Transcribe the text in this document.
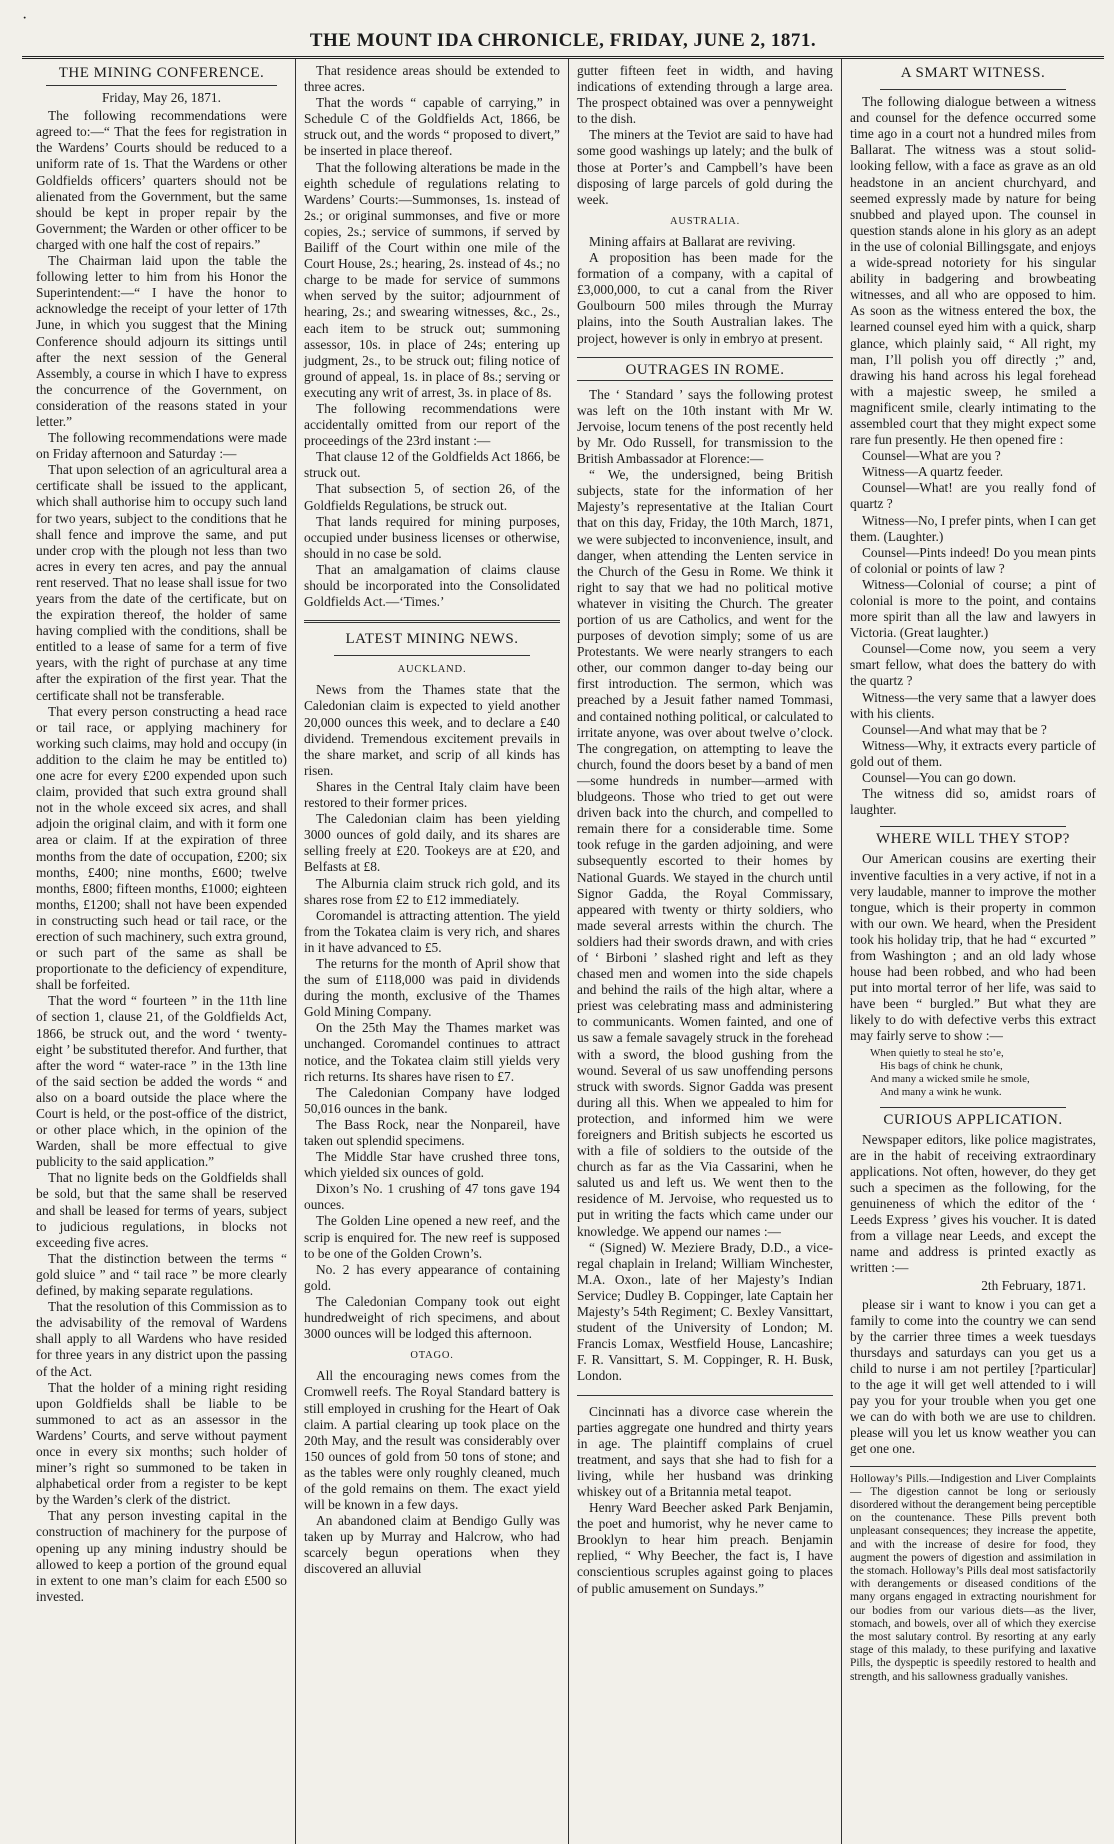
·
THE MOUNT IDA CHRONICLE, FRIDAY, JUNE 2, 1871.
THE MINING CONFERENCE.
Friday, May 26, 1871.

The following recommendations were agreed to:—“ That the fees for registration in the Wardens’ Courts should be reduced to a uniform rate of 1s. That the Wardens or other Goldfields officers’ quarters should not be alienated from the Government, but the same should be kept in proper repair by the Government; the Warden or other officer to be charged with one half the cost of repairs.”

The Chairman laid upon the table the following letter to him from his Honor the Superintendent:—“ I have the honor to acknowledge the receipt of your letter of 17th June, in which you suggest that the Mining Conference should adjourn its sittings until after the next session of the General Assembly, a course in which I have to express the concurrence of the Government, on consideration of the reasons stated in your letter.”

The following recommendations were made on Friday afternoon and Saturday :—

That upon selection of an agricultural area a certificate shall be issued to the applicant, which shall authorise him to occupy such land for two years, subject to the conditions that he shall fence and improve the same, and put under crop with the plough not less than two acres in every ten acres, and pay the annual rent reserved. That no lease shall issue for two years from the date of the certificate, but on the expiration thereof, the holder of same having complied with the conditions, shall be entitled to a lease of same for a term of five years, with the right of purchase at any time after the expiration of the first year. That the certificate shall not be transferable.

That every person constructing a head race or tail race, or applying machinery for working such claims, may hold and occupy (in addition to the claim he may be entitled to) one acre for every £200 expended upon such claim, provided that such extra ground shall not in the whole exceed six acres, and shall adjoin the original claim, and with it form one area or claim. If at the expiration of three months from the date of occupation, £200; six months, £400; nine months, £600; twelve months, £800; fifteen months, £1000; eighteen months, £1200; shall not have been expended in constructing such head or tail race, or the erection of such machinery, such extra ground, or such part of the same as shall be proportionate to the deficiency of expenditure, shall be forfeited.

That the word “ fourteen ” in the 11th line of section 1, clause 21, of the Goldfields Act, 1866, be struck out, and the word ‘ twenty-eight ’ be substituted therefor. And further, that after the word “ water-race ” in the 13th line of the said section be added the words “ and also on a board outside the place where the Court is held, or the post-office of the district, or other place which, in the opinion of the Warden, shall be more effectual to give publicity to the said application.”

That no lignite beds on the Goldfields shall be sold, but that the same shall be reserved and shall be leased for terms of years, subject to judicious regulations, in blocks not exceeding five acres.

That the distinction between the terms “ gold sluice ” and “ tail race ” be more clearly defined, by making separate regulations.

That the resolution of this Commission as to the advisability of the removal of Wardens shall apply to all Wardens who have resided for three years in any district upon the passing of the Act.

That the holder of a mining right residing upon Goldfields shall be liable to be summoned to act as an assessor in the Wardens’ Courts, and serve without payment once in every six months; such holder of miner’s right so summoned to be taken in alphabetical order from a register to be kept by the Warden’s clerk of the district.

That any person investing capital in the construction of machinery for the purpose of opening up any mining industry should be allowed to keep a portion of the ground equal in extent to one man’s claim for each £500 so invested.

That residence areas should be extended to three acres.

That the words “ capable of carrying,” in Schedule C of the Goldfields Act, 1866, be struck out, and the words “ proposed to divert,” be inserted in place thereof.

That the following alterations be made in the eighth schedule of regulations relating to Wardens’ Courts:—Summonses, 1s. instead of 2s.; or original summonses, and five or more copies, 2s.; service of summons, if served by Bailiff of the Court within one mile of the Court House, 2s.; hearing, 2s. instead of 4s.; no charge to be made for service of summons when served by the suitor; adjournment of hearing, 2s.; and swearing witnesses, &c., 2s., each item to be struck out; summoning assessor, 10s. in place of 24s; entering up judgment, 2s., to be struck out; filing notice of ground of appeal, 1s. in place of 8s.; serving or executing any writ of arrest, 3s. in place of 8s.

The following recommendations were accidentally omitted from our report of the proceedings of the 23rd instant :—

That clause 12 of the Goldfields Act 1866, be struck out.

That subsection 5, of section 26, of the Goldfields Regulations, be struck out.

That lands required for mining purposes, occupied under business licenses or otherwise, should in no case be sold.

That an amalgamation of claims clause should be incorporated into the Consolidated Goldfields Act.—‘Times.’

LATEST MINING NEWS.
AUCKLAND.

News from the Thames state that the Caledonian claim is expected to yield another 20,000 ounces this week, and to declare a £40 dividend. Tremendous excitement prevails in the share market, and scrip of all kinds has risen.

Shares in the Central Italy claim have been restored to their former prices.

The Caledonian claim has been yielding 3000 ounces of gold daily, and its shares are selling freely at £20. Tookeys are at £20, and Belfasts at £8.

The Alburnia claim struck rich gold, and its shares rose from £2 to £12 immediately.

Coromandel is attracting attention. The yield from the Tokatea claim is very rich, and shares in it have advanced to £5.

The returns for the month of April show that the sum of £118,000 was paid in dividends during the month, exclusive of the Thames Gold Mining Company.

On the 25th May the Thames market was unchanged. Coromandel continues to attract notice, and the Tokatea claim still yields very rich returns. Its shares have risen to £7.

The Caledonian Company have lodged 50,016 ounces in the bank.

The Bass Rock, near the Nonpareil, have taken out splendid specimens.

The Middle Star have crushed three tons, which yielded six ounces of gold.

Dixon’s No. 1 crushing of 47 tons gave 194 ounces.

The Golden Line opened a new reef, and the scrip is enquired for. The new reef is supposed to be one of the Golden Crown’s.

No. 2 has every appearance of containing gold.

The Caledonian Company took out eight hundredweight of rich specimens, and about 3000 ounces will be lodged this afternoon.

OTAGO.

All the encouraging news comes from the Cromwell reefs. The Royal Standard battery is still employed in crushing for the Heart of Oak claim. A partial clearing up took place on the 20th May, and the result was considerably over 150 ounces of gold from 50 tons of stone; and as the tables were only roughly cleaned, much of the gold remains on them. The exact yield will be known in a few days.

An abandoned claim at Bendigo Gully was taken up by Murray and Halcrow, who had scarcely begun operations when they discovered an alluvial

gutter fifteen feet in width, and having indications of extending through a large area. The prospect obtained was over a pennyweight to the dish.

The miners at the Teviot are said to have had some good washings up lately; and the bulk of those at Porter’s and Campbell’s have been disposing of large parcels of gold during the week.

AUSTRALIA.

Mining affairs at Ballarat are reviving.

A proposition has been made for the formation of a company, with a capital of £3,000,000, to cut a canal from the River Goulbourn 500 miles through the Murray plains, into the South Australian lakes. The project, however is only in embryo at present.

OUTRAGES IN ROME.

The ‘ Standard ’ says the following protest was left on the 10th instant with Mr W. Jervoise, locum tenens of the post recently held by Mr. Odo Russell, for transmission to the British Ambassador at Florence:—

“ We, the undersigned, being British subjects, state for the information of her Majesty’s representative at the Italian Court that on this day, Friday, the 10th March, 1871, we were subjected to inconvenience, insult, and danger, when attending the Lenten service in the Church of the Gesu in Rome. We think it right to say that we had no political motive whatever in visiting the Church. The greater portion of us are Catholics, and went for the purposes of devotion simply; some of us are Protestants. We were nearly strangers to each other, our common danger to-day being our first introduction. The sermon, which was preached by a Jesuit father named Tommasi, and contained nothing political, or calculated to irritate anyone, was over about twelve o’clock. The congregation, on attempting to leave the church, found the doors beset by a band of men—some hundreds in number—armed with bludgeons. Those who tried to get out were driven back into the church, and compelled to remain there for a considerable time. Some took refuge in the garden adjoining, and were subsequently escorted to their homes by National Guards. We stayed in the church until Signor Gadda, the Royal Commissary, appeared with twenty or thirty soldiers, who made several arrests within the church. The soldiers had their swords drawn, and with cries of ‘ Birboni ’ slashed right and left as they chased men and women into the side chapels and behind the rails of the high altar, where a priest was celebrating mass and administering to communicants. Women fainted, and one of us saw a female savagely struck in the forehead with a sword, the blood gushing from the wound. Several of us saw unoffending persons struck with swords. Signor Gadda was present during all this. When we appealed to him for protection, and informed him we were foreigners and British subjects he escorted us with a file of soldiers to the outside of the church as far as the Via Cassarini, when he saluted us and left us. We went then to the residence of M. Jervoise, who requested us to put in writing the facts which came under our knowledge. We append our names :—

“ (Signed) W. Meziere Brady, D.D., a vice-regal chaplain in Ireland; William Winchester, M.A. Oxon., late of her Majesty’s Indian Service; Dudley B. Coppinger, late Captain her Majesty’s 54th Regiment; C. Bexley Vansittart, student of the University of London; M. Francis Lomax, Westfield House, Lancashire; F. R. Vansittart, S. M. Coppinger, R. H. Busk, London.

Cincinnati has a divorce case wherein the parties aggregate one hundred and thirty years in age. The plaintiff complains of cruel treatment, and says that she had to fish for a living, while her husband was drinking whiskey out of a Britannia metal teapot.

Henry Ward Beecher asked Park Benjamin, the poet and humorist, why he never came to Brooklyn to hear him preach. Benjamin replied, “ Why Beecher, the fact is, I have conscientious scruples against going to places of public amusement on Sundays.”

A SMART WITNESS.

The following dialogue between a witness and counsel for the defence occurred some time ago in a court not a hundred miles from Ballarat. The witness was a stout solid-looking fellow, with a face as grave as an old headstone in an ancient churchyard, and seemed expressly made by nature for being snubbed and played upon. The counsel in question stands alone in his glory as an adept in the use of colonial Billingsgate, and enjoys a wide-spread notoriety for his singular ability in badgering and browbeating witnesses, and all who are opposed to him. As soon as the witness entered the box, the learned counsel eyed him with a quick, sharp glance, which plainly said, “ All right, my man, I’ll polish you off directly ;” and, drawing his hand across his legal forehead with a majestic sweep, he smiled a magnificent smile, clearly intimating to the assembled court that they might expect some rare fun presently. He then opened fire :

Counsel—What are you ?

Witness—A quartz feeder.

Counsel—What! are you really fond of quartz ?

Witness—No, I prefer pints, when I can get them. (Laughter.)

Counsel—Pints indeed! Do you mean pints of colonial or points of law ?

Witness—Colonial of course; a pint of colonial is more to the point, and contains more spirit than all the law and lawyers in Victoria. (Great laughter.)

Counsel—Come now, you seem a very smart fellow, what does the battery do with the quartz ?

Witness—the very same that a lawyer does with his clients.

Counsel—And what may that be ?

Witness—Why, it extracts every particle of gold out of them.

Counsel—You can go down.

The witness did so, amidst roars of laughter.

WHERE WILL THEY STOP?

Our American cousins are exerting their inventive faculties in a very active, if not in a very laudable, manner to improve the mother tongue, which is their property in common with our own. We heard, when the President took his holiday trip, that he had “ excurted ” from Washington ; and an old lady whose house had been robbed, and who had been put into mortal terror of her life, was said to have been “ burgled.” But what they are likely to do with defective verbs this extract may fairly serve to show :—

When quietly to steal he sto’e,
His bags of chink he chunk,
And many a wicked smile he smole,
And many a wink he wunk.
CURIOUS APPLICATION.

Newspaper editors, like police magistrates, are in the habit of receiving extraordinary applications. Not often, however, do they get such a specimen as the following, for the genuineness of which the editor of the ‘ Leeds Express ’ gives his voucher. It is dated from a village near Leeds, and except the name and address is printed exactly as written :—

2th February, 1871.

please sir i want to know i you can get a family to come into the country we can send by the carrier three times a week tuesdays thursdays and saturdays can you get us a child to nurse i am not pertiley [?particular] to the age it will get well attended to i will pay you for your trouble when you get one we can do with both we are use to children. please will you let us know weather you can get one one.

Holloway’s Pills.—Indigestion and Liver Complaints — The digestion cannot be long or seriously disordered without the derangement being perceptible on the countenance. These Pills prevent both unpleasant consequences; they increase the appetite, and with the increase of desire for food, they augment the powers of digestion and assimilation in the stomach. Holloway’s Pills deal most satisfactorily with derangements or diseased conditions of the many organs engaged in extracting nourishment for our bodies from our various diets—as the liver, stomach, and bowels, over all of which they exercise the most salutary control. By resorting at any early stage of this malady, to these purifying and laxative Pills, the dyspeptic is speedily restored to health and strength, and his sallowness gradually vanishes.
